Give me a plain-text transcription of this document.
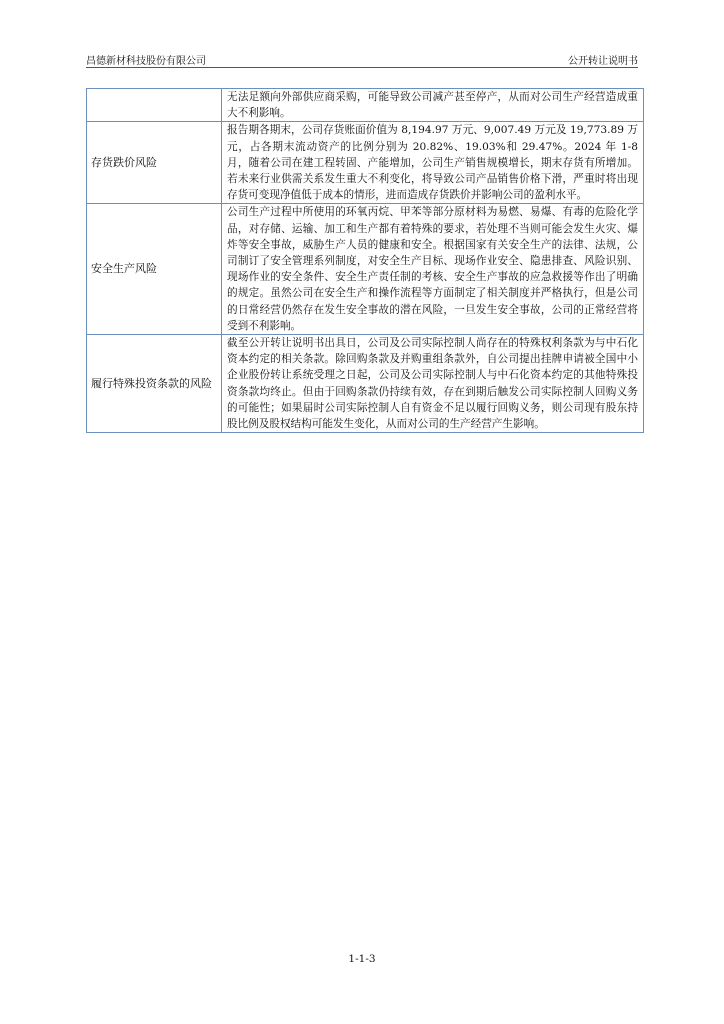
昌德新材科技股份有限公司	公开转让说明书
	无法足额向外部供应商采购，可能导致公司减产甚至停产，从而对公司生产经营造成重大不利影响。

存货跌价风险	报告期各期末，公司存货账面价值为 8,194.97 万元、9,007.49 万元及 19,773.89 万元，占各期末流动资产的比例分别为 20.82%、19.03%和 29.47%。2024 年 1-8 月，随着公司在建工程转固、产能增加，公司生产销售规模增长，期末存货有所增加。若未来行业供需关系发生重大不利变化，将导致公司产品销售价格下滑，严重时将出现存货可变现净值低于成本的情形，进而造成存货跌价并影响公司的盈利水平。

安全生产风险	公司生产过程中所使用的环氧丙烷、甲苯等部分原材料为易燃、易爆、有毒的危险化学品，对存储、运输、加工和生产都有着特殊的要求，若处理不当则可能会发生火灾、爆炸等安全事故，威胁生产人员的健康和安全。根据国家有关安全生产的法律、法规，公司制订了安全管理系列制度，对安全生产目标、现场作业安全、隐患排查、风险识别、现场作业的安全条件、安全生产责任制的考核、安全生产事故的应急救援等作出了明确的规定。虽然公司在安全生产和操作流程等方面制定了相关制度并严格执行，但是公司的日常经营仍然存在发生安全事故的潜在风险，一旦发生安全事故，公司的正常经营将受到不利影响。

履行特殊投资条款的风险	截至公开转让说明书出具日，公司及公司实际控制人尚存在的特殊权利条款为与中石化资本约定的相关条款。除回购条款及并购重组条款外，自公司提出挂牌申请被全国中小企业股份转让系统受理之日起，公司及公司实际控制人与中石化资本约定的其他特殊投资条款均终止。但由于回购条款仍持续有效，存在到期后触发公司实际控制人回购义务的可能性；如果届时公司实际控制人自有资金不足以履行回购义务，则公司现有股东持股比例及股权结构可能发生变化，从而对公司的生产经营产生影响。
1-1-3
